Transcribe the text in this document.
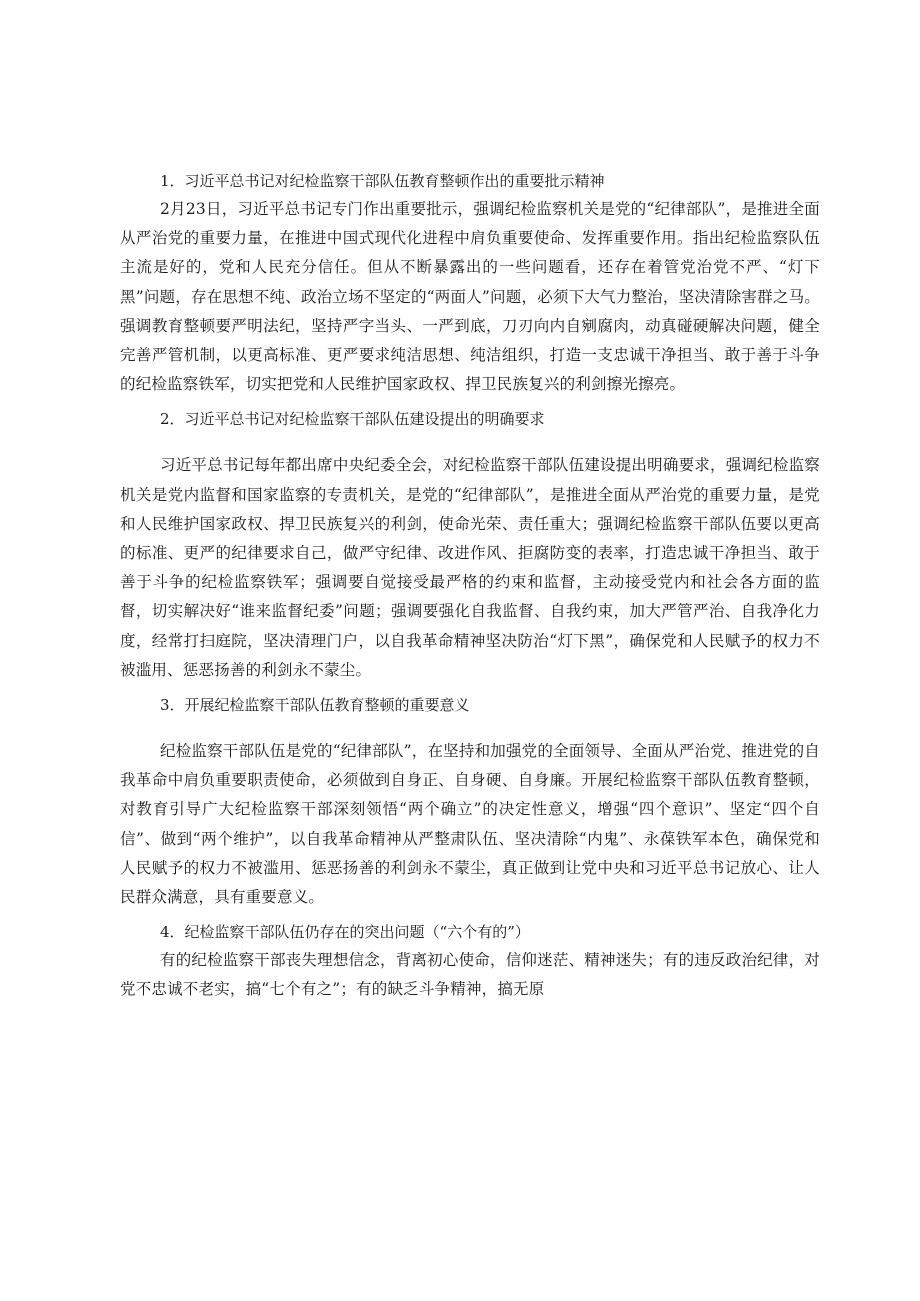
1．习近平总书记对纪检监察干部队伍教育整顿作出的重要批示精神

2月23日，习近平总书记专门作出重要批示，强调纪检监察机关是党的“纪律部队”，是推进全面从严治党的重要力量，在推进中国式现代化进程中肩负重要使命、发挥重要作用。指出纪检监察队伍主流是好的，党和人民充分信任。但从不断暴露出的一些问题看，还存在着管党治党不严、“灯下黑”问题，存在思想不纯、政治立场不坚定的“两面人”问题，必须下大气力整治，坚决清除害群之马。强调教育整顿要严明法纪，坚持严字当头、一严到底，刀刃向内自剜腐肉，动真碰硬解决问题，健全完善严管机制，以更高标准、更严要求纯洁思想、纯洁组织，打造一支忠诚干净担当、敢于善于斗争的纪检监察铁军，切实把党和人民维护国家政权、捍卫民族复兴的利剑擦光擦亮。

2．习近平总书记对纪检监察干部队伍建设提出的明确要求

习近平总书记每年都出席中央纪委全会，对纪检监察干部队伍建设提出明确要求，强调纪检监察机关是党内监督和国家监察的专责机关，是党的“纪律部队”，是推进全面从严治党的重要力量，是党和人民维护国家政权、捍卫民族复兴的利剑，使命光荣、责任重大；强调纪检监察干部队伍要以更高的标准、更严的纪律要求自己，做严守纪律、改进作风、拒腐防变的表率，打造忠诚干净担当、敢于善于斗争的纪检监察铁军；强调要自觉接受最严格的约束和监督，主动接受党内和社会各方面的监督，切实解决好“谁来监督纪委”问题；强调要强化自我监督、自我约束，加大严管严治、自我净化力度，经常打扫庭院，坚决清理门户，以自我革命精神坚决防治“灯下黑”，确保党和人民赋予的权力不被滥用、惩恶扬善的利剑永不蒙尘。

3．开展纪检监察干部队伍教育整顿的重要意义

纪检监察干部队伍是党的“纪律部队”，在坚持和加强党的全面领导、全面从严治党、推进党的自我革命中肩负重要职责使命，必须做到自身正、自身硬、自身廉。开展纪检监察干部队伍教育整顿，对教育引导广大纪检监察干部深刻领悟“两个确立”的决定性意义，增强“四个意识”、坚定“四个自信”、做到“两个维护”，以自我革命精神从严整肃队伍、坚决清除“内鬼”、永葆铁军本色，确保党和人民赋予的权力不被滥用、惩恶扬善的利剑永不蒙尘，真正做到让党中央和习近平总书记放心、让人民群众满意，具有重要意义。

4．纪检监察干部队伍仍存在的突出问题（“六个有的”）

有的纪检监察干部丧失理想信念，背离初心使命，信仰迷茫、精神迷失；有的违反政治纪律，对党不忠诚不老实，搞“七个有之”；有的缺乏斗争精神，搞无原
